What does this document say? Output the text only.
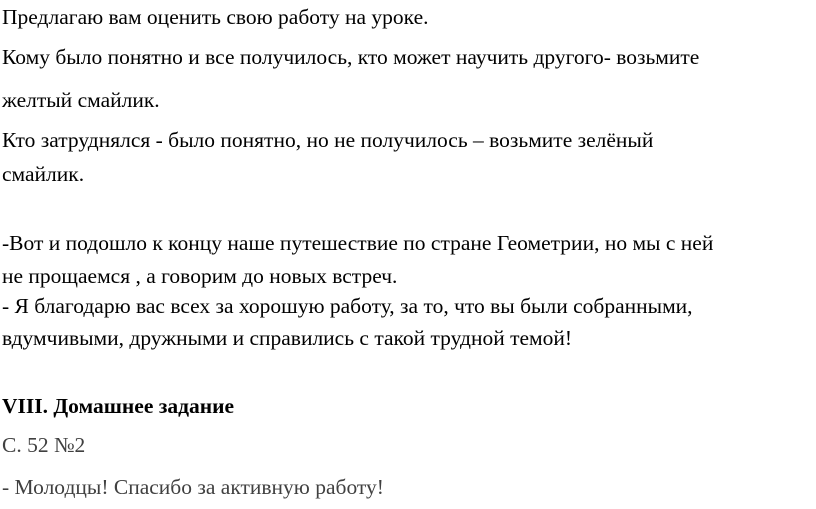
Предлагаю вам оценить свою работу на уроке.

Кому было понятно и все получилось, кто может научить другого- возьмите

желтый смайлик.

Кто затруднялся - было понятно, но не получилось – возьмите зелёный

смайлик.

-Вот и подошло к концу наше путешествие по стране Геометрии, но мы с ней

не прощаемся , а говорим до новых встреч.

- Я благодарю вас всех за хорошую работу, за то, что вы были собранными,

вдумчивыми, дружными и справились с такой трудной темой!

VIII. Домашнее задание

С. 52 №2

- Молодцы! Спасибо за активную работу!
